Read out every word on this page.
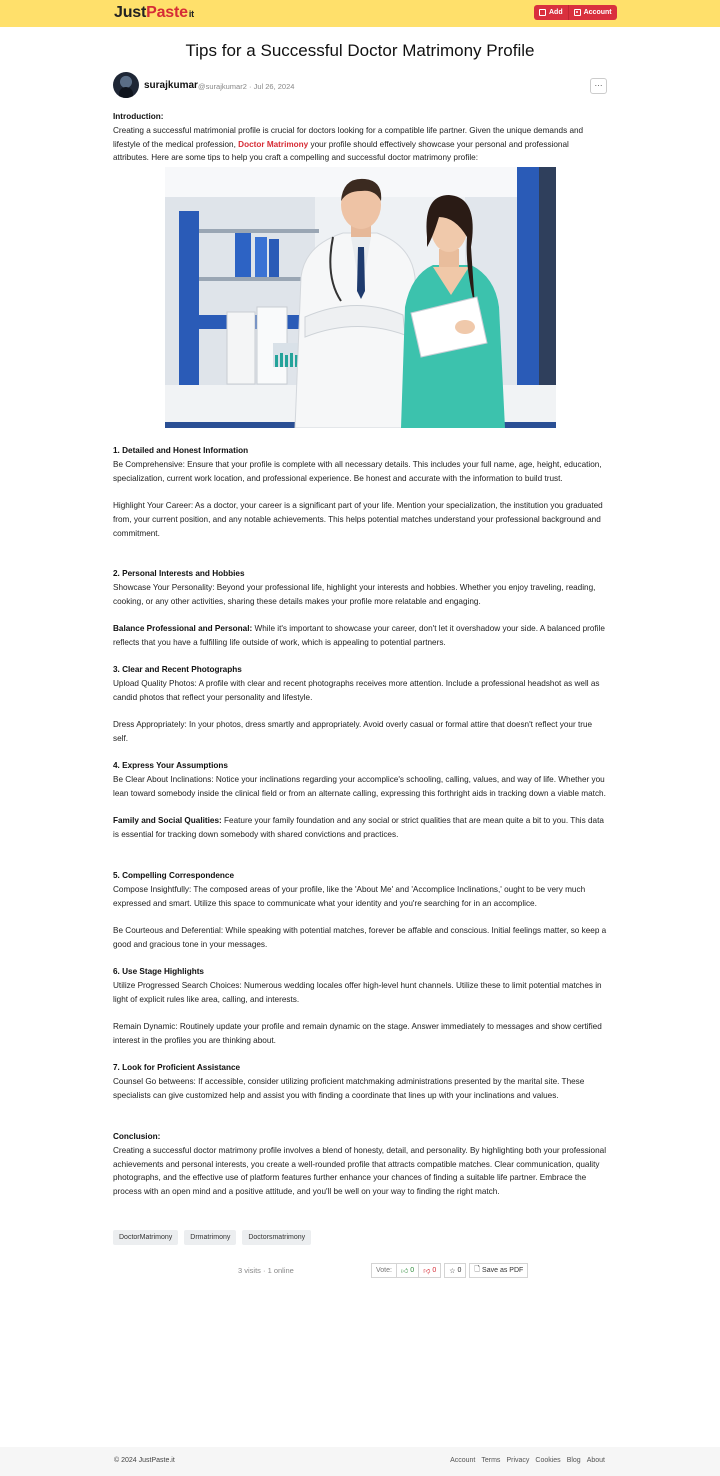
JustPasteit	Add	Account
Tips for a Successful Doctor Matrimony Profile
surajkumar @surajkumar2 · Jul 26, 2024	···

Introduction:

Creating a successful matrimonial profile is crucial for doctors looking for a compatible life partner. Given the unique demands and lifestyle of the medical profession, Doctor Matrimony your profile should effectively showcase your personal and professional attributes. Here are some tips to help you craft a compelling and successful doctor matrimony profile:

1. Detailed and Honest Information

Be Comprehensive: Ensure that your profile is complete with all necessary details. This includes your full name, age, height, education, specialization, current work location, and professional experience. Be honest and accurate with the information to build trust.

Highlight Your Career: As a doctor, your career is a significant part of your life. Mention your specialization, the institution you graduated from, your current position, and any notable achievements. This helps potential matches understand your professional background and commitment.

2. Personal Interests and Hobbies

Showcase Your Personality: Beyond your professional life, highlight your interests and hobbies. Whether you enjoy traveling, reading, cooking, or any other activities, sharing these details makes your profile more relatable and engaging.

Balance Professional and Personal: While it's important to showcase your career, don't let it overshadow your side. A balanced profile reflects that you have a fulfilling life outside of work, which is appealing to potential partners.

3. Clear and Recent Photographs

Upload Quality Photos: A profile with clear and recent photographs receives more attention. Include a professional headshot as well as candid photos that reflect your personality and lifestyle.

Dress Appropriately: In your photos, dress smartly and appropriately. Avoid overly casual or formal attire that doesn't reflect your true self.

4. Express Your Assumptions

Be Clear About Inclinations: Notice your inclinations regarding your accomplice's schooling, calling, values, and way of life. Whether you lean toward somebody inside the clinical field or from an alternate calling, expressing this forthright aids in tracking down a viable match.

Family and Social Qualities: Feature your family foundation and any social or strict qualities that are mean quite a bit to you. This data is essential for tracking down somebody with shared convictions and practices.

5. Compelling Correspondence

Compose Insightfully: The composed areas of your profile, like the 'About Me' and 'Accomplice Inclinations,' ought to be very much expressed and smart. Utilize this space to communicate what your identity and you're searching for in an accomplice.

Be Courteous and Deferential: While speaking with potential matches, forever be affable and conscious. Initial feelings matter, so keep a good and gracious tone in your messages.

6. Use Stage Highlights

Utilize Progressed Search Choices: Numerous wedding locales offer high-level hunt channels. Utilize these to limit potential matches in light of explicit rules like area, calling, and interests.

Remain Dynamic: Routinely update your profile and remain dynamic on the stage. Answer immediately to messages and show certified interest in the profiles you are thinking about.

7. Look for Proficient Assistance

Counsel Go betweens: If accessible, consider utilizing proficient matchmaking administrations presented by the marital site. These specialists can give customized help and assist you with finding a coordinate that lines up with your inclinations and values.

Conclusion:

Creating a successful doctor matrimony profile involves a blend of honesty, detail, and personality. By highlighting both your professional achievements and personal interests, you create a well-rounded profile that attracts compatible matches. Clear communication, quality photographs, and the effective use of platform features further enhance your chances of finding a suitable life partner. Embrace the process with an open mind and a positive attitude, and you'll be well on your way to finding the right match.

DoctorMatrimony	Drmatrimony	Doctorsmatrimony
3 visits · 1 online	Vote:	👍︎ 0 👎︎ 0 ☆ 0 🗋︎ Save as PDF
© 2024 JustPaste.it	Account Terms Privacy Cookies Blog About
